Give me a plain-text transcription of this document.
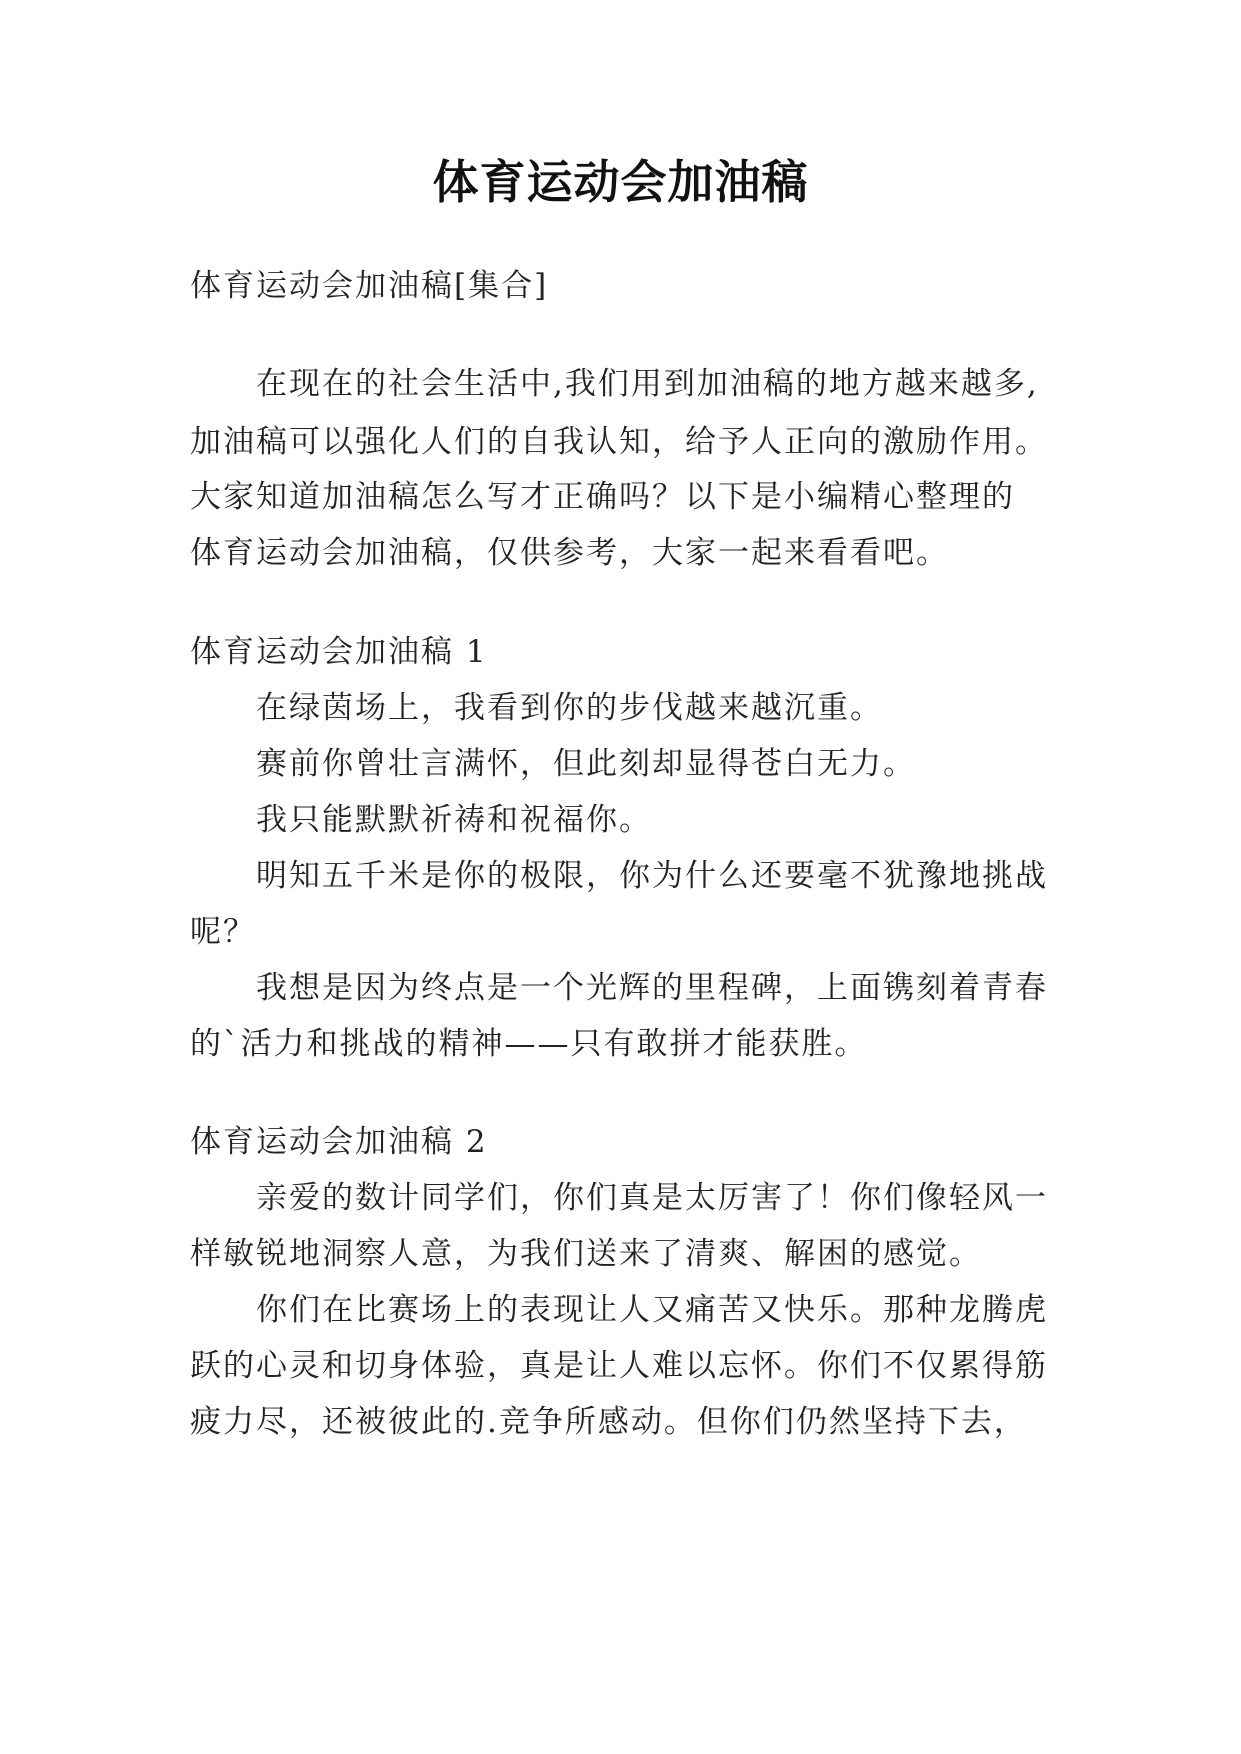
体育运动会加油稿

体育运动会加油稿[集合]

在现在的社会生活中,我们用到加油稿的地方越来越多,

加油稿可以强化人们的自我认知，给予人正向的激励作用。

大家知道加油稿怎么写才正确吗？以下是小编精心整理的

体育运动会加油稿，仅供参考，大家一起来看看吧。

体育运动会加油稿 1

在绿茵场上，我看到你的步伐越来越沉重。

赛前你曾壮言满怀，但此刻却显得苍白无力。

我只能默默祈祷和祝福你。

明知五千米是你的极限，你为什么还要毫不犹豫地挑战

呢？

我想是因为终点是一个光辉的里程碑，上面镌刻着青春

的`活力和挑战的精神——只有敢拼才能获胜。

体育运动会加油稿 2

亲爱的数计同学们，你们真是太厉害了！你们像轻风一

样敏锐地洞察人意，为我们送来了清爽、解困的感觉。

你们在比赛场上的表现让人又痛苦又快乐。那种龙腾虎

跃的心灵和切身体验，真是让人难以忘怀。你们不仅累得筋

疲力尽，还被彼此的.竞争所感动。但你们仍然坚持下去，
